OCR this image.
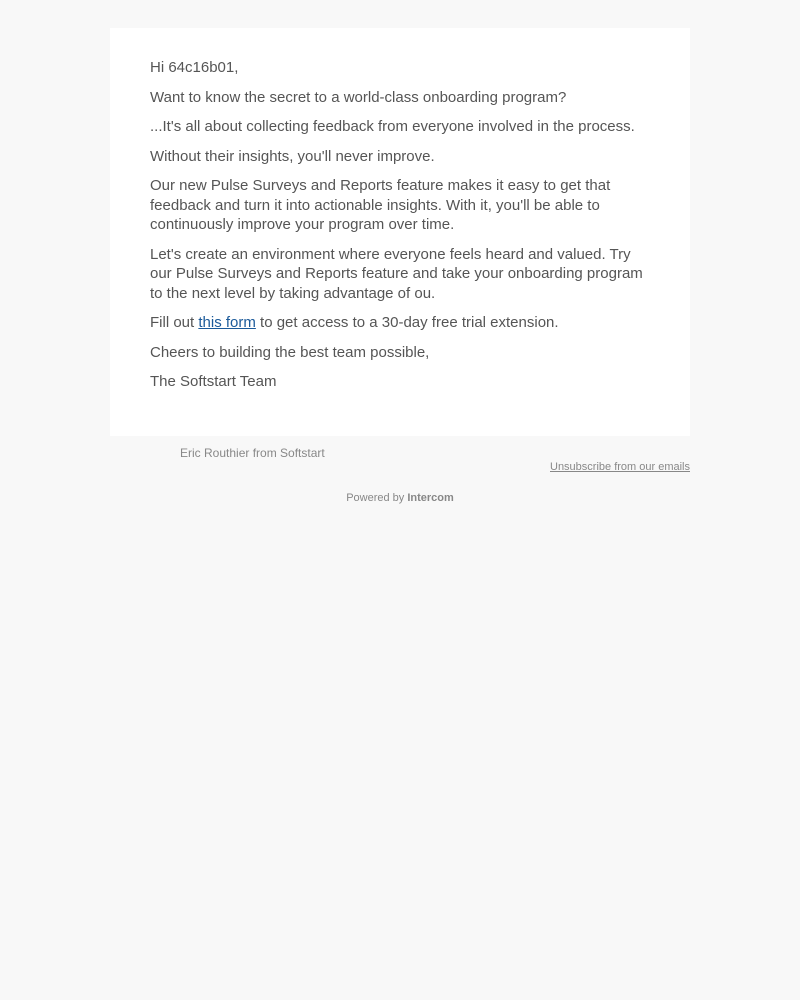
Hi 64c16b01,

Want to know the secret to a world-class onboarding program?

...It's all about collecting feedback from everyone involved in the process.

Without their insights, you'll never improve.

Our new Pulse Surveys and Reports feature makes it easy to get that feedback and turn it into actionable insights. With it, you'll be able to continuously improve your program over time.

Let's create an environment where everyone feels heard and valued. Try our Pulse Surveys and Reports feature and take your onboarding program to the next level by taking advantage of ou.

Fill out this form to get access to a 30-day free trial extension.

Cheers to building the best team possible,

The Softstart Team

Eric Routhier from Softstart
Unsubscribe from our emails
Powered by Intercom
